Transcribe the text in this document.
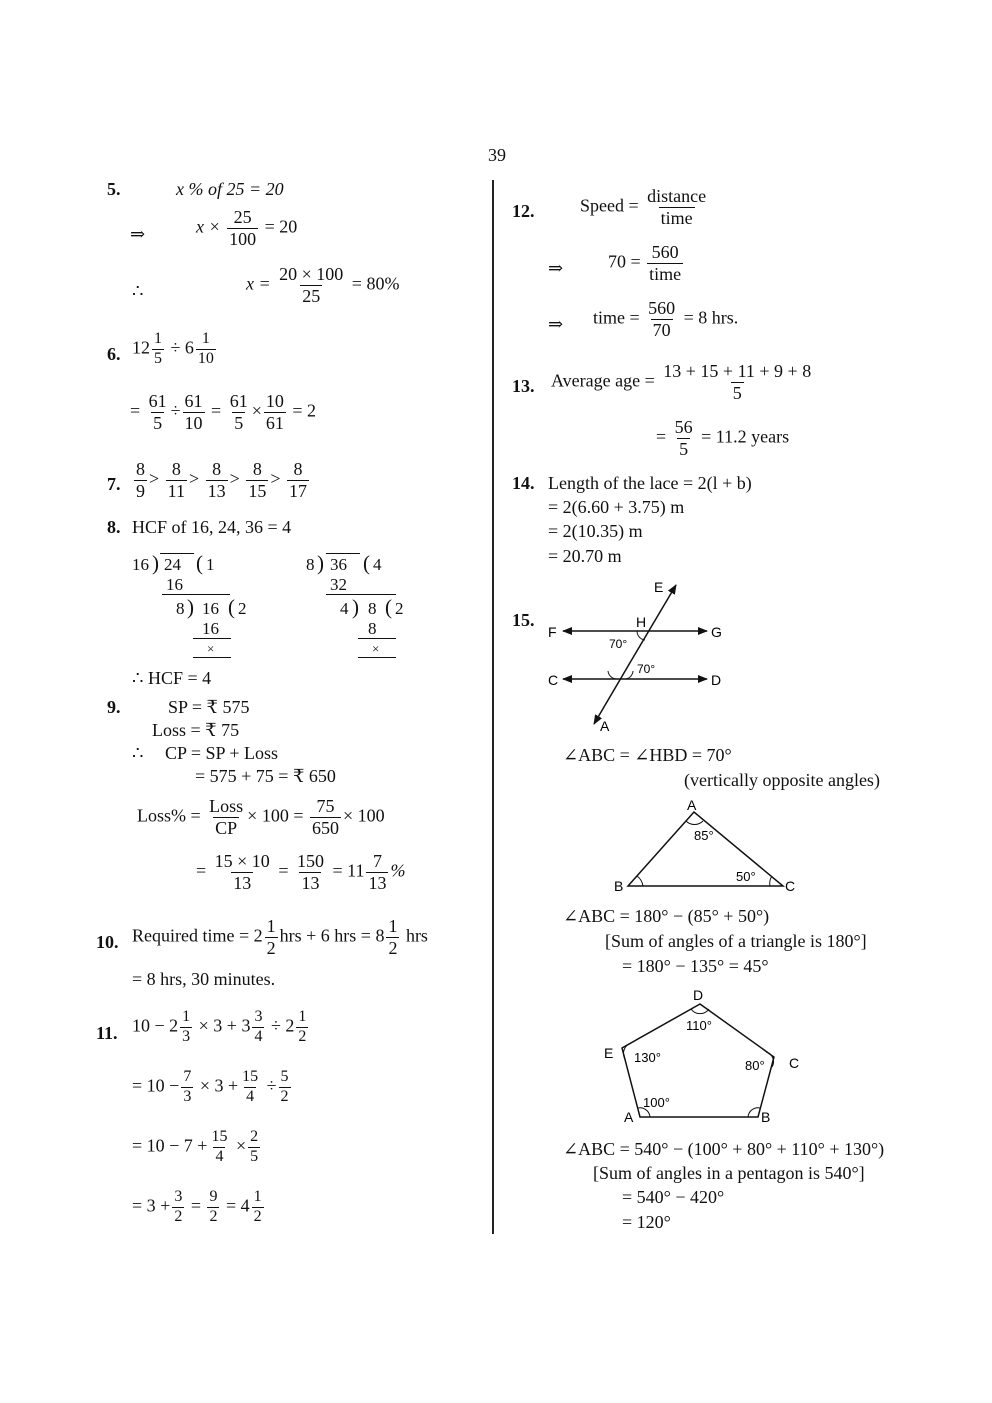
39
5.	x % of 25 = 20
⇒	$x \times \frac{25}{100} = 20$
∴	$x = \frac{20 \times 100}{25} = 80\%$
6. $12 \frac{1}{5} \div 6 \frac{1}{10}$
= $\frac{61}{5} \div \frac{61}{10} = \frac{61}{5} \times \frac{10}{61} = 2$
7. $\frac{8}{9} > \frac{8}{11} > \frac{8}{13} > \frac{8}{15} > \frac{8}{17}$
8. HCF of 16, 24, 36 = 4
16 ) 24 ( 1
16
8 ) 16 ( 2
16
×
8 ) 36 ( 4
32
4 ) 8 ( 2
8
×
∴ HCF = 4
9.	SP = ₹ 575
Loss = ₹ 75
∴ CP = SP + Loss
= 575 + 75 = ₹ 650
Loss% = $\frac{\text{Loss}}{CP} \times 100 = \frac{75}{650} \times 100$
= $\frac{15 \times 10}{13} = \frac{150}{13} = 11 \frac{7}{13}$ %
10. Required time = $2 \frac{1}{2}$ hrs + 6 hrs = $8 \frac{1}{2}$ hrs
= 8 hrs, 30 minutes.
11. $10 - 2 \frac{1}{3} \times 3 + 3 \frac{3}{4} \div 2 \frac{1}{2}$
= $10 - \frac{7}{3} \times 3 + \frac{15}{4} \div \frac{5}{2}$
= $10 - 7 + \frac{15}{4} \times \frac{2}{5}$
= $3 + \frac{3}{2} = \frac{9}{2} = 4 \frac{1}{2}$
12.	Speed = $\frac{\text{distance}}{\text{time}}$
⇒ $70 = \frac{560}{\text{time}}$
⇒ time = $\frac{560}{70} = 8$ hrs.
13. Average age = $\frac{13 + 15 + 11 + 9 + 8}{5}$
= $\frac{56}{5} = 11.2$ years
14. Length of the lace = 2(l + b)
= 2(6.60 + 3.75) m
= 2(10.35) m
= 20.70 m
15.
E
F
H
G
70°
70°
C	D
A
A
85°
B
50°
C
D
110°
E 130°
80° C
100°
A	B
∠ABC = ∠HBD = 70°
(vertically opposite angles)
∠ABC = 180° − (85° + 50°)
[Sum of angles of a triangle is 180°]
= 180° − 135° = 45°
∠ABC = 540° − (100° + 80° + 110° + 130°)
[Sum of angles in a pentagon is 540°]
= 540° − 420°
= 120°
